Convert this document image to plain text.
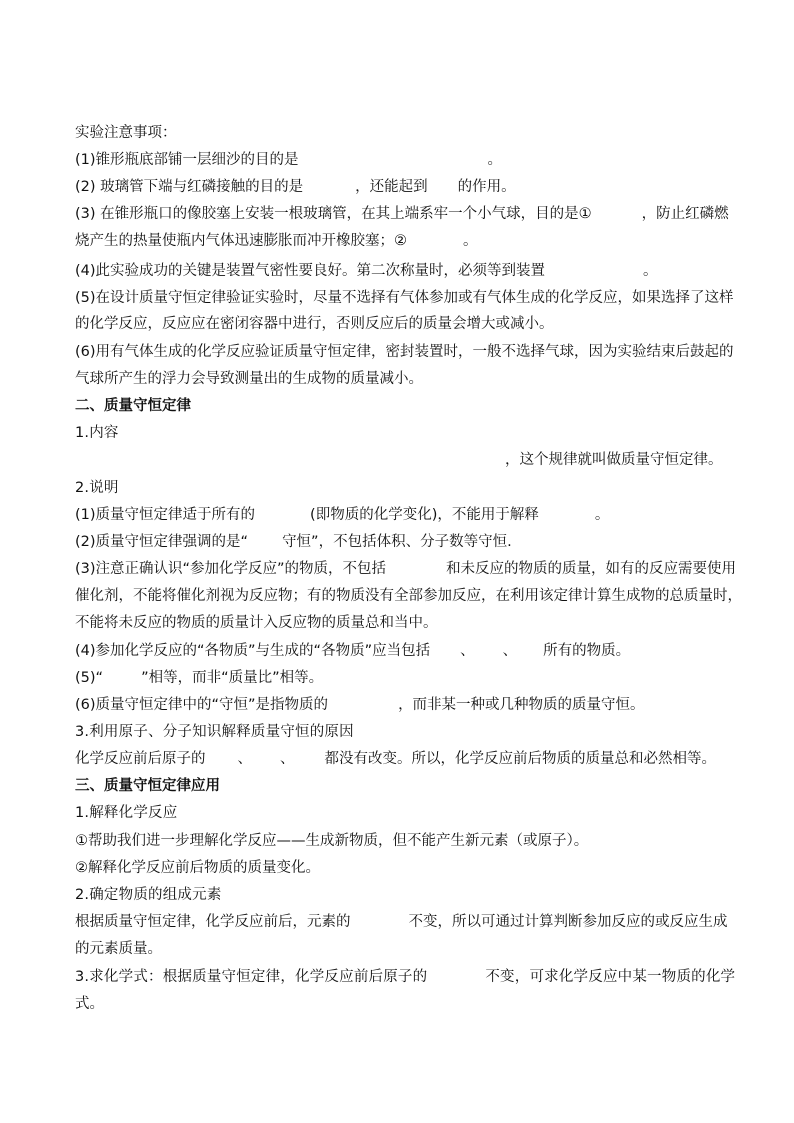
实验注意事项：
(1)锥形瓶底部铺一层细沙的目的是	。
(2) 玻璃管下端与红磷接触的目的是	，还能起到 的作用。
(3) 在锥形瓶口的像胶塞上安装一根玻璃管，在其上端系牢一个小气球，目的是①	，防止红磷燃
烧产生的热量使瓶内气体迅速膨胀而冲开橡胶塞；②	。
(4)此实验成功的关键是装置气密性要良好。第二次称量时，必须等到装置	。
(5)在设计质量守恒定律验证实验时，尽量不选择有气体参加或有气体生成的化学反应，如果选择了这样
的化学反应，反应应在密闭容器中进行，否则反应后的质量会增大或减小。
(6)用有气体生成的化学反应验证质量守恒定律，密封装置时，一般不选择气球，因为实验结束后鼓起的
气球所产生的浮力会导致测量出的生成物的质量减小。
二、质量守恒定律
1.内容
，这个规律就叫做质量守恒定律。
2.说明
(1)质量守恒定律适于所有的	(即物质的化学变化)，不能用于解释	。
(2)质量守恒定律强调的是“ 守恒”，不包括体积、分子数等守恒.
(3)注意正确认识“参加化学反应”的物质，不包括	和未反应的物质的质量，如有的反应需要使用
催化剂，不能将催化剂视为反应物；有的物质没有全部参加反应，在利用该定律计算生成物的总质量时，
不能将未反应的物质的质量计入反应物的质量总和当中。
(4)参加化学反应的“各物质”与生成的“各物质”应当包括 、 、 所有的物质。
(5)“	”相等，而非“质量比”相等。
(6)质量守恒定律中的“守恒”是指物质的	，而非某一种或几种物质的质量守恒。
3.利用原子、分子知识解释质量守恒的原因
化学反应前后原子的 、 、 都没有改变。所以，化学反应前后物质的质量总和必然相等。
三、质量守恒定律应用
1.解释化学反应
①帮助我们进一步理解化学反应——生成新物质，但不能产生新元素（或原子）。
②解释化学反应前后物质的质量变化。
2.确定物质的组成元素
根据质量守恒定律，化学反应前后，元素的	不变，所以可通过计算判断参加反应的或反应生成
的元素质量。
3.求化学式：根据质量守恒定律，化学反应前后原子的	不变，可求化学反应中某一物质的化学
式。
